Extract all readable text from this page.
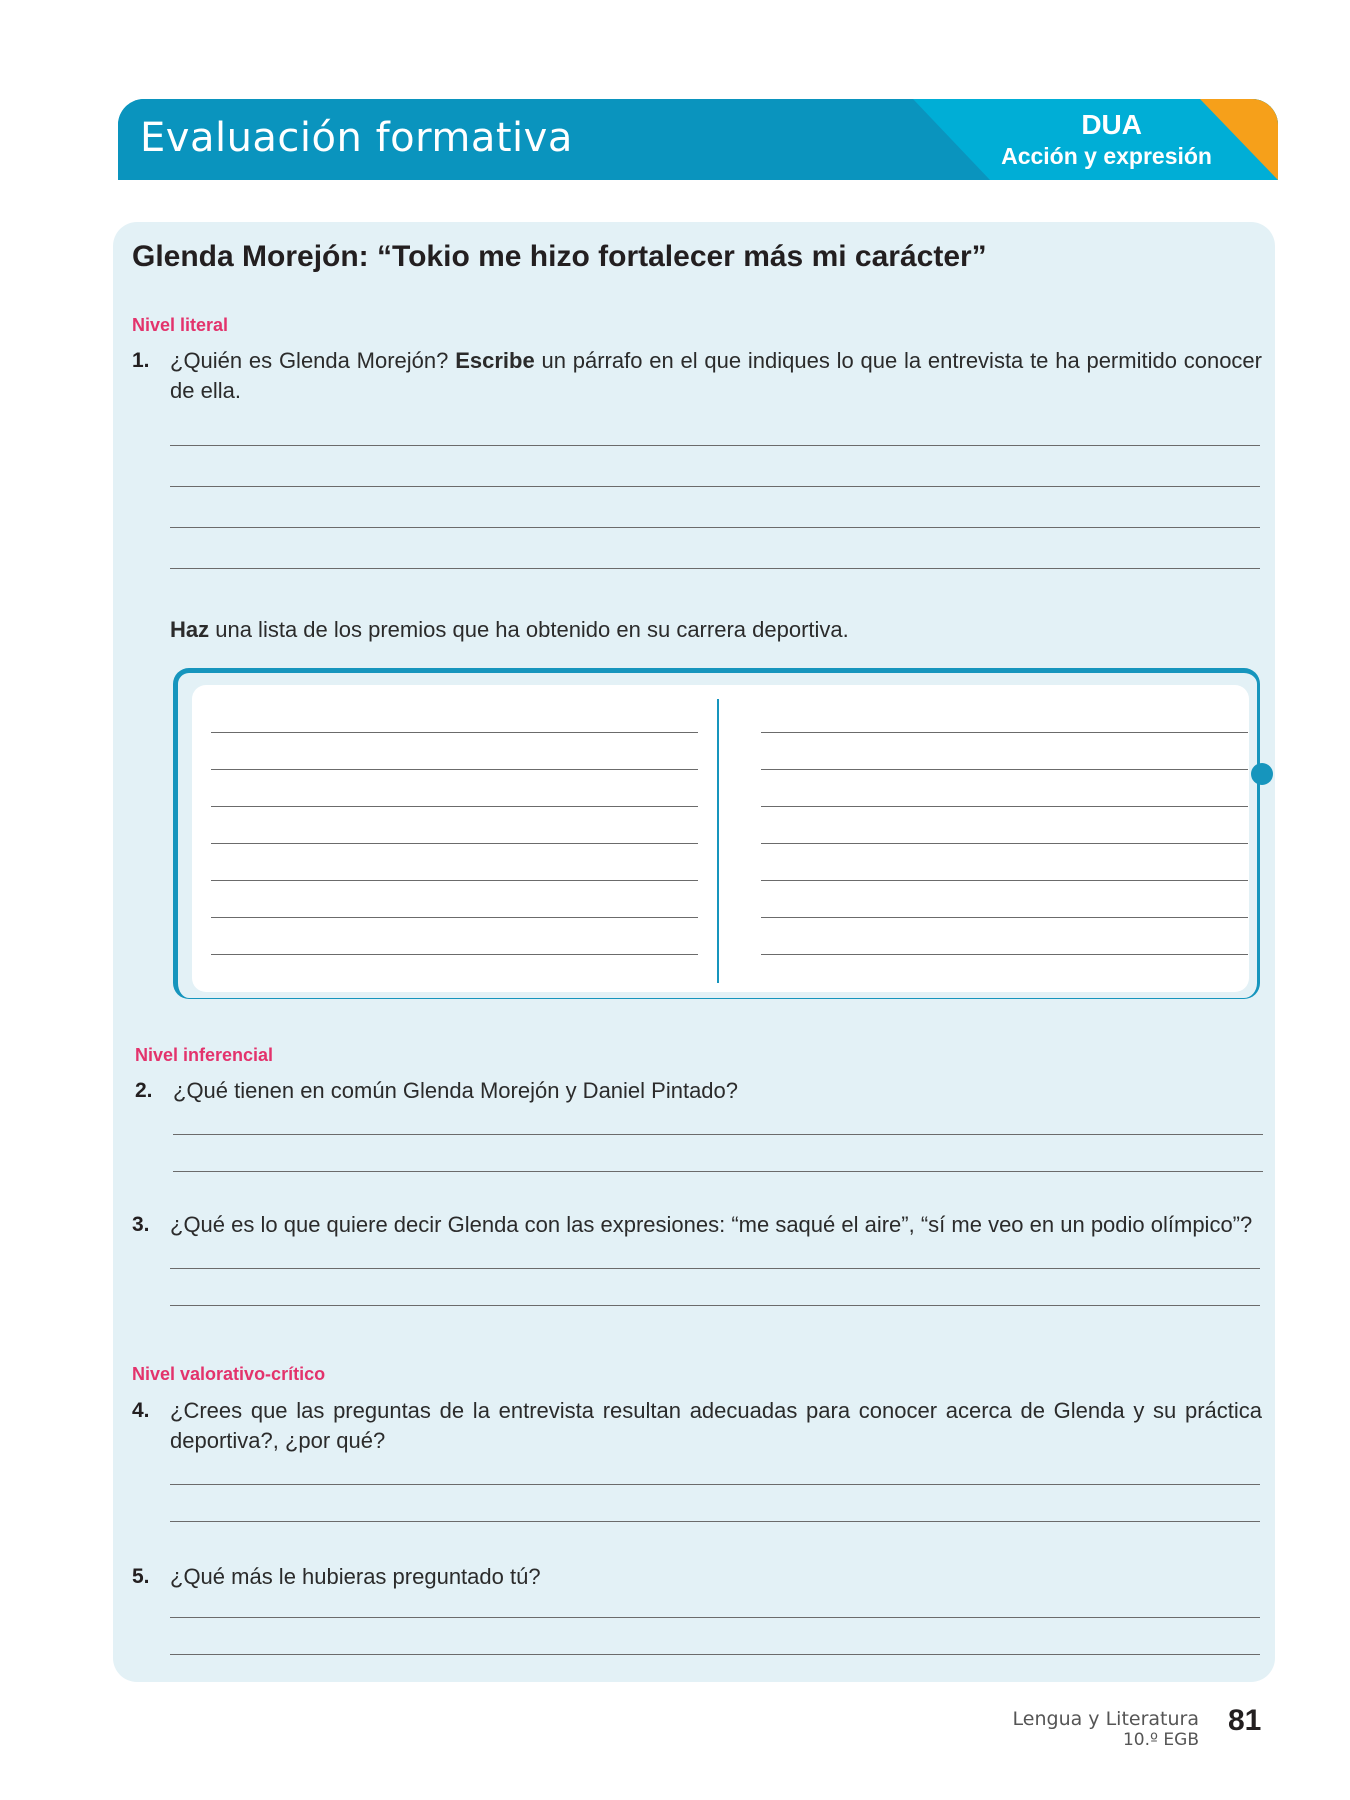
Evaluación formativa	DUA
Acción y expresión
Glenda Morejón: “Tokio me hizo fortalecer más mi carácter”
Nivel literal
1. ¿Quién es Glenda Morejón? Escribe un párrafo en el que indiques lo que la entrevista te ha permitido conocer de ella.
Haz una lista de los premios que ha obtenido en su carrera deportiva.
Nivel inferencial
2. ¿Qué tienen en común Glenda Morejón y Daniel Pintado?
3. ¿Qué es lo que quiere decir Glenda con las expresiones: “me saqué el aire”, “sí me veo en un podio olímpico”?
Nivel valorativo-crítico
4. ¿Crees que las preguntas de la entrevista resultan adecuadas para conocer acerca de Glenda y su práctica deportiva?, ¿por qué?
5. ¿Qué más le hubieras preguntado tú?
Lengua y Literatura
10.º EGB
81
